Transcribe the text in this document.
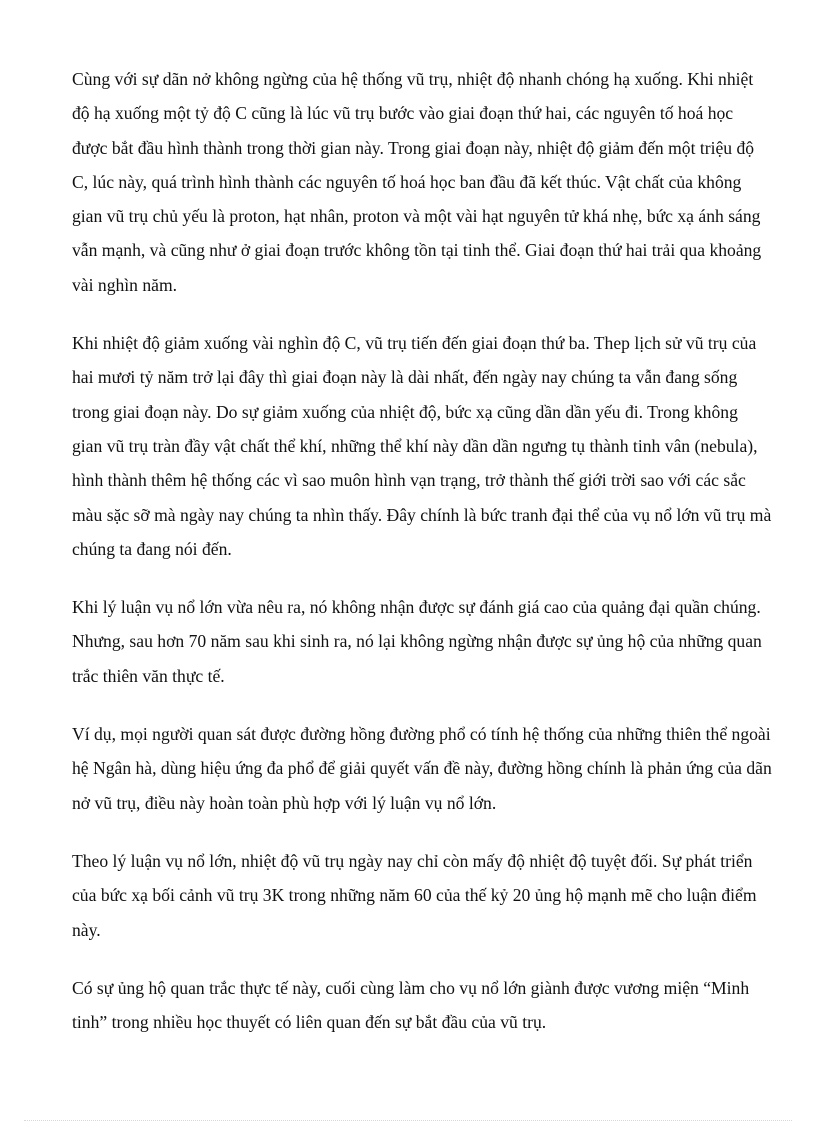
Cùng với sự dãn nở không ngừng của hệ thống vũ trụ, nhiệt độ nhanh chóng hạ xuống. Khi nhiệt độ hạ xuống một tỷ độ C cũng là lúc vũ trụ bước vào giai đoạn thứ hai, các nguyên tố hoá học được bắt đầu hình thành trong thời gian này. Trong giai đoạn này, nhiệt độ giảm đến một triệu độ C, lúc này, quá trình hình thành các nguyên tố hoá học ban đầu đã kết thúc. Vật chất của không gian vũ trụ chủ yếu là proton, hạt nhân, proton và một vài hạt nguyên tử khá nhẹ, bức xạ ánh sáng vẫn mạnh, và cũng như ở giai đoạn trước không tồn tại tinh thể. Giai đoạn thứ hai trải qua khoảng vài nghìn năm.

Khi nhiệt độ giảm xuống vài nghìn độ C, vũ trụ tiến đến giai đoạn thứ ba. Thep lịch sử vũ trụ của hai mươi tỷ năm trở lại đây thì giai đoạn này là dài nhất, đến ngày nay chúng ta vẫn đang sống trong giai đoạn này. Do sự giảm xuống của nhiệt độ, bức xạ cũng dần dần yếu đi. Trong không gian vũ trụ tràn đầy vật chất thể khí, những thể khí này dần dần ngưng tụ thành tinh vân (nebula), hình thành thêm hệ thống các vì sao muôn hình vạn trạng, trở thành thế giới trời sao với các sắc màu sặc sỡ mà ngày nay chúng ta nhìn thấy. Đây chính là bức tranh đại thể của vụ nổ lớn vũ trụ mà chúng ta đang nói đến.

Khi lý luận vụ nổ lớn vừa nêu ra, nó không nhận được sự đánh giá cao của quảng đại quần chúng. Nhưng, sau hơn 70 năm sau khi sinh ra, nó lại không ngừng nhận được sự ủng hộ của những quan trắc thiên văn thực tế.

Ví dụ, mọi người quan sát được đường hồng đường phổ có tính hệ thống của những thiên thể ngoài hệ Ngân hà, dùng hiệu ứng đa phổ để giải quyết vấn đề này, đường hồng chính là phản ứng của dãn nở vũ trụ, điều này hoàn toàn phù hợp với lý luận vụ nổ lớn.

Theo lý luận vụ nổ lớn, nhiệt độ vũ trụ ngày nay chỉ còn mấy độ nhiệt độ tuyệt đối. Sự phát triển của bức xạ bối cảnh vũ trụ 3K trong những năm 60 của thế kỷ 20 ủng hộ mạnh mẽ cho luận điểm này.

Có sự ủng hộ quan trắc thực tế này, cuối cùng làm cho vụ nổ lớn giành được vương miện “Minh tinh” trong nhiều học thuyết có liên quan đến sự bắt đầu của vũ trụ.
